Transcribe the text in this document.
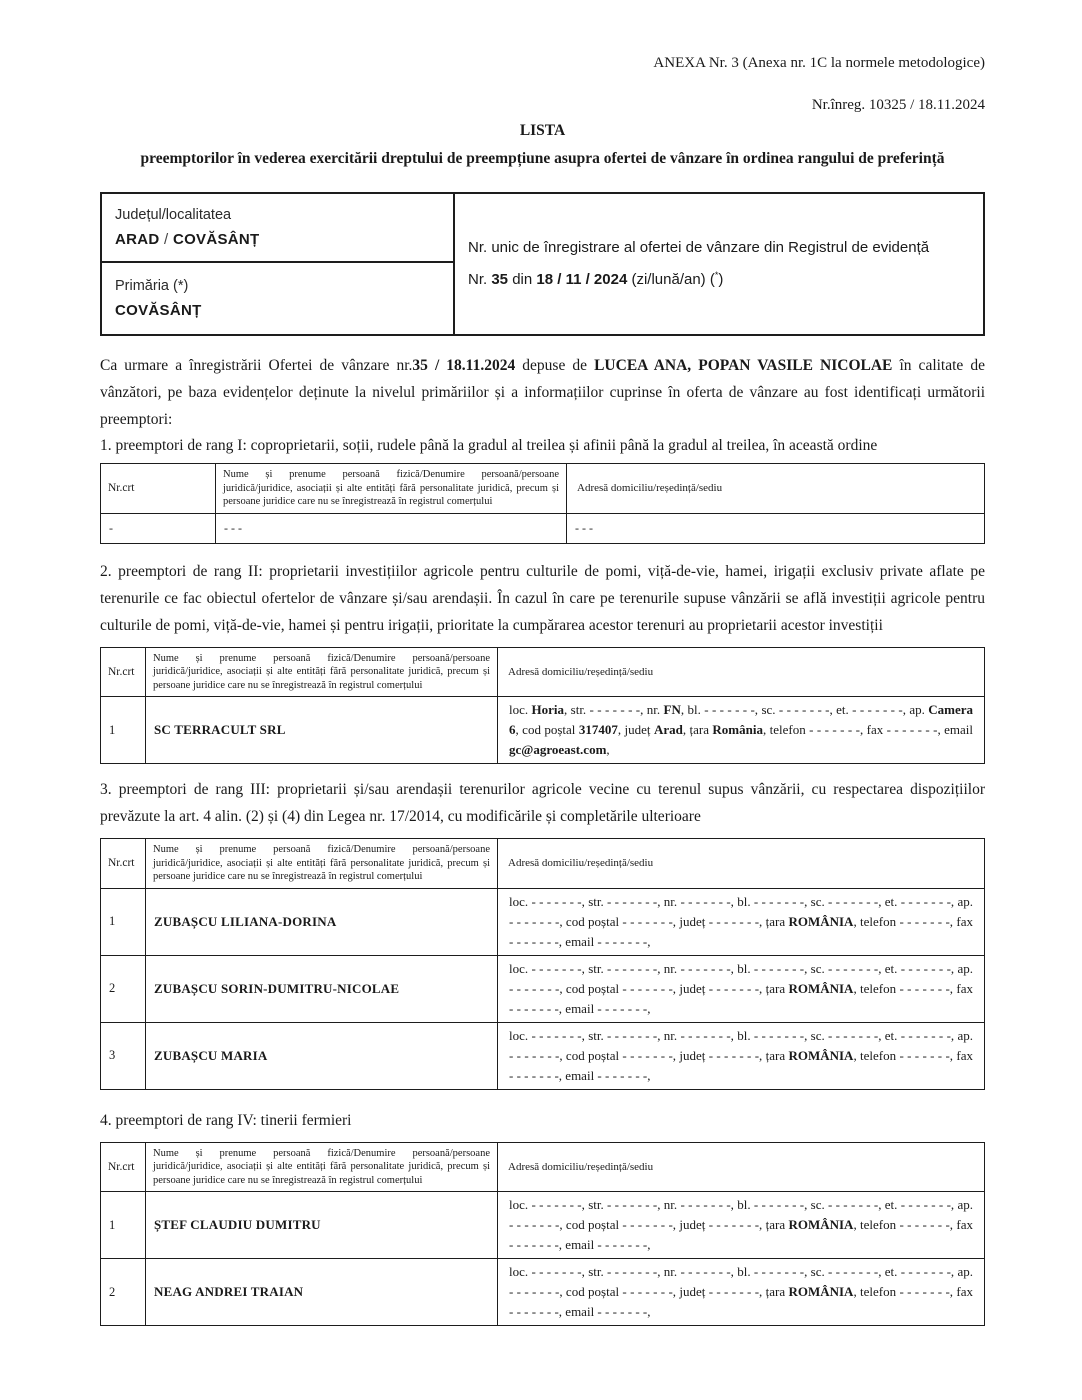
ANEXA Nr. 3 (Anexa nr. 1C la normele metodologice)
Nr.înreg. 10325 / 18.11.2024
LISTA
preemptorilor în vederea exercitării dreptului de preempțiune asupra ofertei de vânzare în ordinea rangului de preferință
Județul/localitatea
ARAD / COVĂSÂNȚ	Nr. unic de înregistrare al ofertei de vânzare din Registrul de evidență
Nr. 35 din 18 / 11 / 2024 (zi/lună/an) (*)

Primăria (*)
COVĂSÂNȚ

Ca urmare a înregistrării Ofertei de vânzare nr.35 / 18.11.2024 depuse de LUCEA ANA, POPAN VASILE NICOLAE în calitate de vânzători, pe baza evidențelor deținute la nivelul primăriilor și a informațiilor cuprinse în oferta de vânzare au fost identificați următorii preemptori:

1. preemptori de rang I: coproprietarii, soții, rudele până la gradul al treilea și afinii până la gradul al treilea, în această ordine

Nr.crt	Nume și prenume persoană fizică/Denumire persoană/persoane juridică/juridice, asociații și alte entități fără personalitate juridică, precum și persoane juridice care nu se înregistrează în registrul comerțului	Adresă domiciliu/reședință/sediu
-	- - -	- - -

2. preemptori de rang II: proprietarii investițiilor agricole pentru culturile de pomi, viță-de-vie, hamei, irigații exclusiv private aflate pe terenurile ce fac obiectul ofertelor de vânzare și/sau arendașii. În cazul în care pe terenurile supuse vânzării se află investiții agricole pentru culturile de pomi, viță-de-vie, hamei și pentru irigații, prioritate la cumpărarea acestor terenuri au proprietarii acestor investiții

Nr.crt	Nume și prenume persoană fizică/Denumire persoană/persoane juridică/juridice, asociații și alte entități fără personalitate juridică, precum și persoane juridice care nu se înregistrează în registrul comerțului	Adresă domiciliu/reședință/sediu
1	SC TERRACULT SRL	loc. Horia, str. - - - - - - -, nr. FN, bl. - - - - - - -, sc. - - - - - - -, et. - - - - - - -, ap. Camera 6, cod poștal 317407, județ Arad, țara România, telefon - - - - - - -, fax - - - - - - -, email gc@agroeast.com,

3. preemptori de rang III: proprietarii și/sau arendașii terenurilor agricole vecine cu terenul supus vânzării, cu respectarea dispozițiilor prevăzute la art. 4 alin. (2) și (4) din Legea nr. 17/2014, cu modificările și completările ulterioare

Nr.crt	Nume și prenume persoană fizică/Denumire persoană/persoane juridică/juridice, asociații și alte entități fără personalitate juridică, precum și persoane juridice care nu se înregistrează în registrul comerțului	Adresă domiciliu/reședință/sediu
1	ZUBAȘCU LILIANA-DORINA	loc. - - - - - - -, str. - - - - - - -, nr. - - - - - - -, bl. - - - - - - -, sc. - - - - - - -, et. - - - - - - -, ap. - - - - - - -, cod poștal - - - - - - -, județ - - - - - - -, țara ROMÂNIA, telefon - - - - - - -, fax - - - - - - -, email - - - - - - -,
2	ZUBAȘCU SORIN-DUMITRU-NICOLAE	loc. - - - - - - -, str. - - - - - - -, nr. - - - - - - -, bl. - - - - - - -, sc. - - - - - - -, et. - - - - - - -, ap. - - - - - - -, cod poștal - - - - - - -, județ - - - - - - -, țara ROMÂNIA, telefon - - - - - - -, fax - - - - - - -, email - - - - - - -,
3	ZUBAȘCU MARIA	loc. - - - - - - -, str. - - - - - - -, nr. - - - - - - -, bl. - - - - - - -, sc. - - - - - - -, et. - - - - - - -, ap. - - - - - - -, cod poștal - - - - - - -, județ - - - - - - -, țara ROMÂNIA, telefon - - - - - - -, fax - - - - - - -, email - - - - - - -,

4. preemptori de rang IV: tinerii fermieri

Nr.crt	Nume și prenume persoană fizică/Denumire persoană/persoane juridică/juridice, asociații și alte entități fără personalitate juridică, precum și persoane juridice care nu se înregistrează în registrul comerțului	Adresă domiciliu/reședință/sediu
1	ȘTEF CLAUDIU DUMITRU	loc. - - - - - - -, str. - - - - - - -, nr. - - - - - - -, bl. - - - - - - -, sc. - - - - - - -, et. - - - - - - -, ap. - - - - - - -, cod poștal - - - - - - -, județ - - - - - - -, țara ROMÂNIA, telefon - - - - - - -, fax - - - - - - -, email - - - - - - -,
2	NEAG ANDREI TRAIAN	loc. - - - - - - -, str. - - - - - - -, nr. - - - - - - -, bl. - - - - - - -, sc. - - - - - - -, et. - - - - - - -, ap. - - - - - - -, cod poștal - - - - - - -, județ - - - - - - -, țara ROMÂNIA, telefon - - - - - - -, fax - - - - - - -, email - - - - - - -,
